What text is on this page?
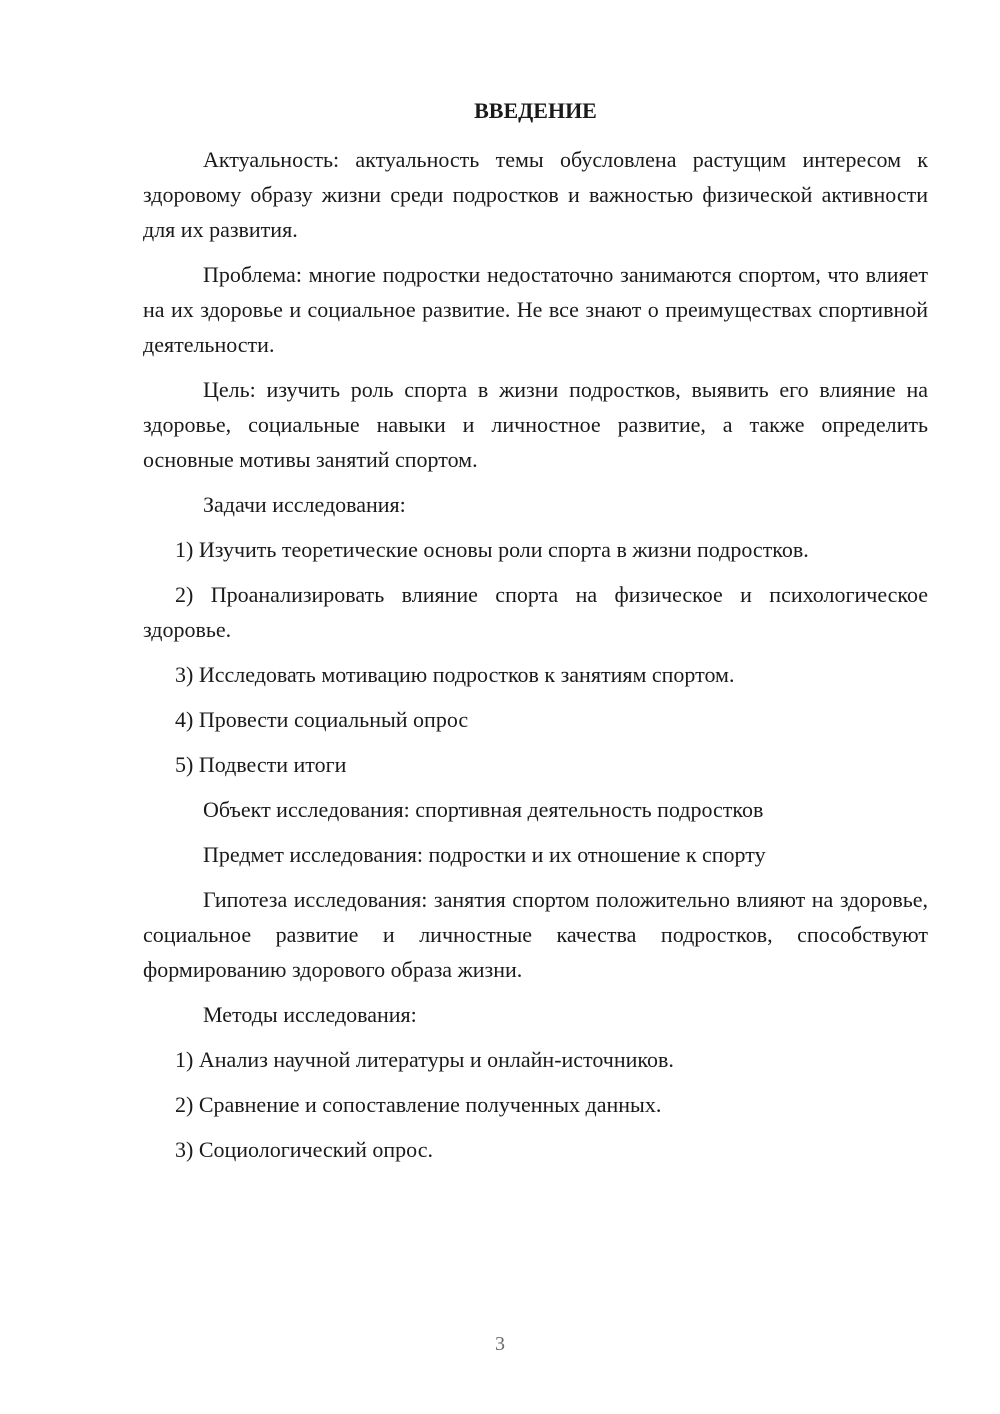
ВВЕДЕНИЕ

Актуальность: актуальность темы обусловлена растущим интересом к здоровому образу жизни среди подростков и важностью физической активности для их развития.

Проблема: многие подростки недостаточно занимаются спортом, что влияет на их здоровье и социальное развитие. Не все знают о преимуществах спортивной деятельности.

Цель: изучить роль спорта в жизни подростков, выявить его влияние на здоровье, социальные навыки и личностное развитие, а также определить основные мотивы занятий спортом.

Задачи исследования:

1) Изучить теоретические основы роли спорта в жизни подростков.

2) Проанализировать влияние спорта на физическое и психологическое здоровье.

3) Исследовать мотивацию подростков к занятиям спортом.

4) Провести социальный опрос

5) Подвести итоги

Объект исследования: спортивная деятельность подростков

Предмет исследования: подростки и их отношение к спорту

Гипотеза исследования: занятия спортом положительно влияют на здоровье, социальное развитие и личностные качества подростков, способствуют формированию здорового образа жизни.

Методы исследования:

1) Анализ научной литературы и онлайн-источников.

2) Сравнение и сопоставление полученных данных.

3) Социологический опрос.

3
